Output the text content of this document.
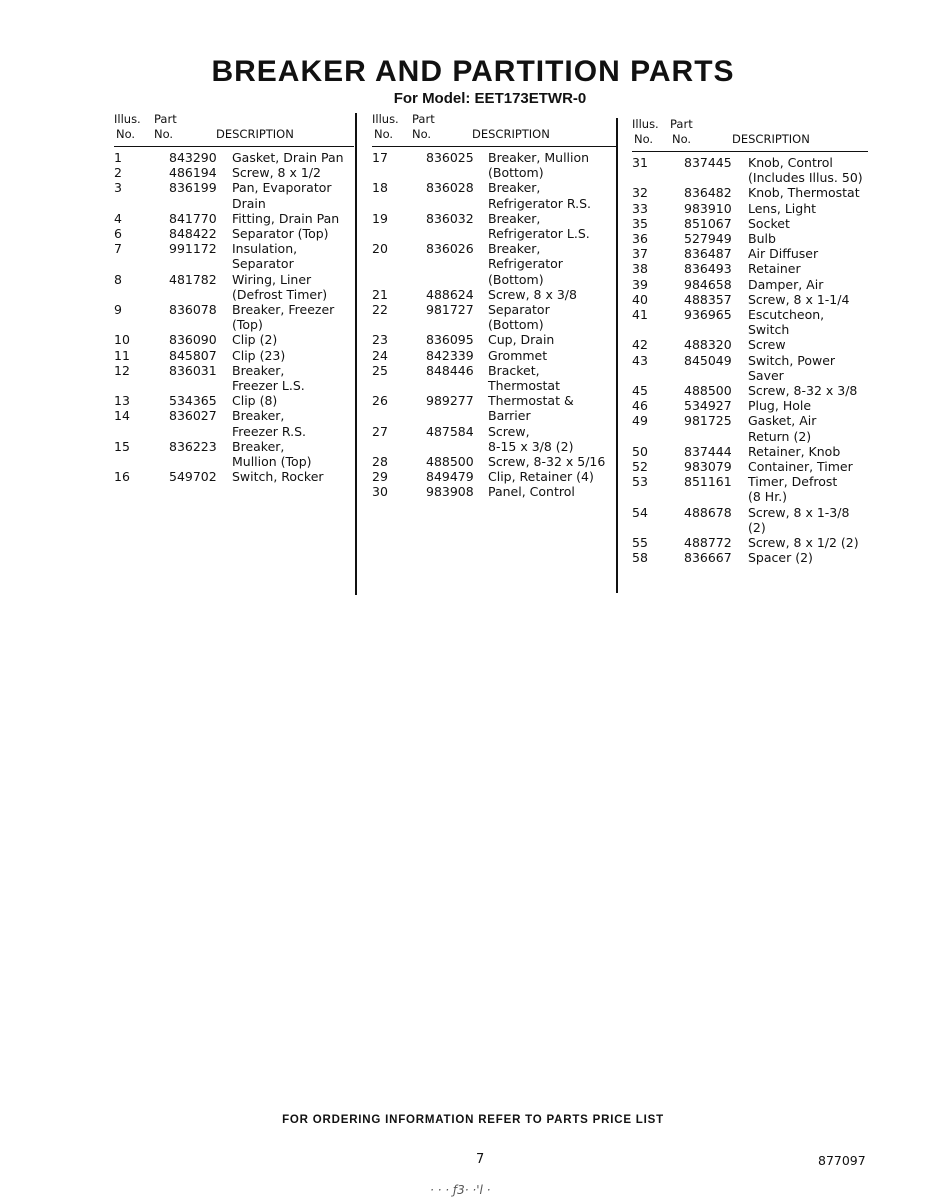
BREAKER AND PARTITION PARTS
For Model: EET173ETWR-0
Illus. Part
No. No.	DESCRIPTION
1	843290 Gasket, Drain Pan
2	486194 Screw, 8 x 1/2
3	836199 Pan, Evaporator
Drain
4	841770 Fitting, Drain Pan
6	848422 Separator (Top)
7	991172 Insulation,
Separator
8	481782 Wiring, Liner
(Defrost Timer)
9	836078 Breaker, Freezer
(Top)
10	836090 Clip (2)
11	845807 Clip (23)
12	836031 Breaker,
Freezer L.S.
13	534365 Clip (8)
14	836027 Breaker,
Freezer R.S.
15	836223 Breaker,
Mullion (Top)
16	549702 Switch, Rocker
Illus. Part
No. No.	DESCRIPTION
17	836025 Breaker, Mullion
(Bottom)
18	836028 Breaker,
Refrigerator R.S.
19	836032 Breaker,
Refrigerator L.S.
20	836026 Breaker,
Refrigerator
(Bottom)
21	488624 Screw, 8 x 3/8
22	981727 Separator
(Bottom)
23	836095 Cup, Drain
24	842339 Grommet
25	848446 Bracket,
Thermostat
26	989277 Thermostat &
Barrier
27	487584 Screw,
8-15 x 3/8 (2)
28	488500 Screw, 8-32 x 5/16
29	849479 Clip, Retainer (4)
30	983908 Panel, Control
Illus. Part
No. No.	DESCRIPTION
31	837445 Knob, Control
(Includes Illus. 50)
32	836482 Knob, Thermostat
33	983910 Lens, Light
35	851067 Socket
36	527949 Bulb
37	836487 Air Diffuser
38	836493 Retainer
39	984658 Damper, Air
40	488357 Screw, 8 x 1-1/4
41	936965 Escutcheon, Switch
42	488320 Screw
43	845049 Switch, Power
Saver
45	488500 Screw, 8-32 x 3/8
46	534927 Plug, Hole
49	981725 Gasket, Air
Return (2)
50	837444 Retainer, Knob
52	983079 Container, Timer
53	851161 Timer, Defrost
(8 Hr.)
54	488678 Screw, 8 x 1-3/8 (2)
55	488772 Screw, 8 x 1/2 (2)
58	836667 Spacer (2)
FOR ORDERING INFORMATION REFER TO PARTS PRICE LIST
7	877097
· · · ƒ3· ·'l ·
